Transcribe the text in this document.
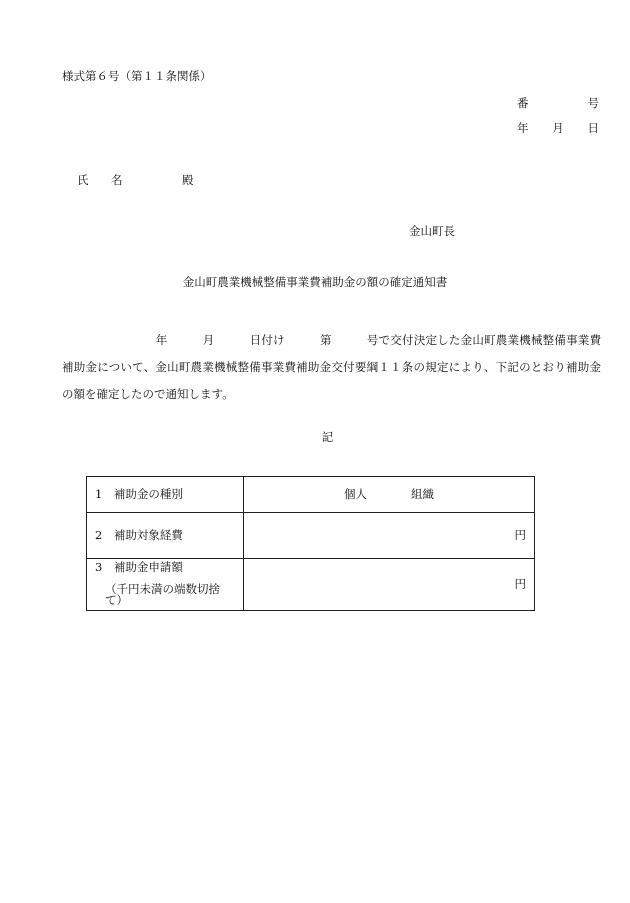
様式第６号（第１１条関係）
番	号
年 月 日
氏	名	殿
金山町長
金山町農業機械整備事業費補助金の額の確定通知書

　　　　　　　　年　　　	月　　　	日付け　　　	第　　　	号で交付決定した金山町農業機械整備事業費補助金について、金山町農業機械整備事業費補助金交付要綱１１条の規定により、下記のとおり補助金の額を確定したので通知します。

記
1　補助金の種別	個人 組織
2　補助対象経費	円
3　補助金申請額
（千円未満の端数切捨て）	円
